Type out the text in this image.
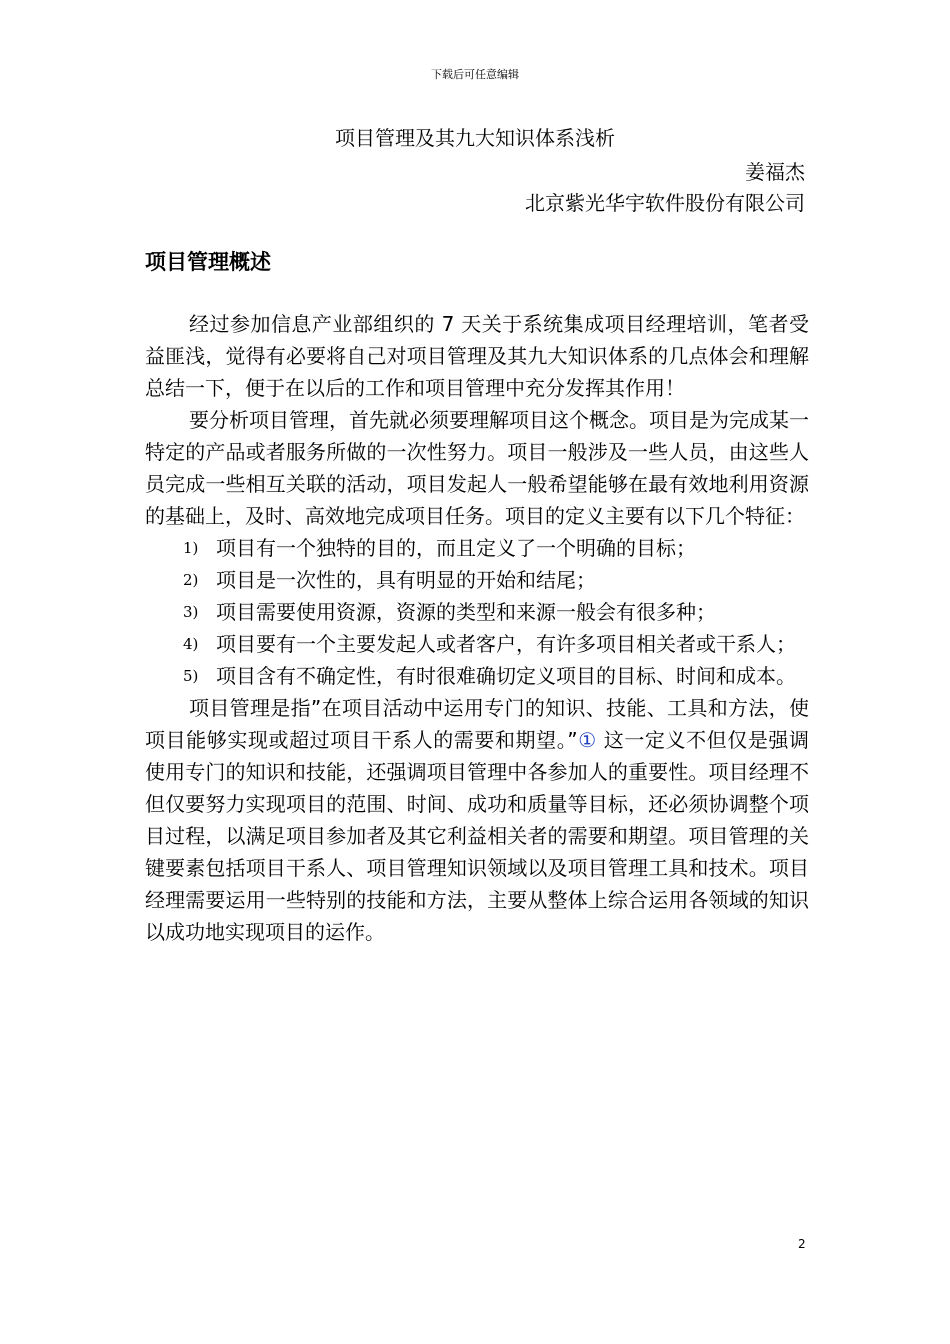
下载后可任意编辑
项目管理及其九大知识体系浅析
姜福杰
北京紫光华宇软件股份有限公司
项目管理概述

经过参加信息产业部组织的 7 天关于系统集成项目经理培训，笔者受益匪浅，觉得有必要将自己对项目管理及其九大知识体系的几点体会和理解总结一下，便于在以后的工作和项目管理中充分发挥其作用！

要分析项目管理，首先就必须要理解项目这个概念。项目是为完成某一特定的产品或者服务所做的一次性努力。项目一般涉及一些人员，由这些人员完成一些相互关联的活动，项目发起人一般希望能够在最有效地利用资源的基础上，及时、高效地完成项目任务。项目的定义主要有以下几个特征：

1) 项目有一个独特的目的，而且定义了一个明确的目标；
2) 项目是一次性的，具有明显的开始和结尾；
3) 项目需要使用资源，资源的类型和来源一般会有很多种；
4) 项目要有一个主要发起人或者客户，有许多项目相关者或干系人；
5) 项目含有不确定性，有时很难确切定义项目的目标、时间和成本。

项目管理是指”在项目活动中运用专门的知识、技能、工具和方法，使项目能够实现或超过项目干系人的需要和期望。”① 这一定义不但仅是强调使用专门的知识和技能，还强调项目管理中各参加人的重要性。项目经理不但仅要努力实现项目的范围、时间、成功和质量等目标，还必须协调整个项目过程，以满足项目参加者及其它利益相关者的需要和期望。项目管理的关键要素包括项目干系人、项目管理知识领域以及项目管理工具和技术。项目经理需要运用一些特别的技能和方法，主要从整体上综合运用各领域的知识以成功地实现项目的运作。

2
